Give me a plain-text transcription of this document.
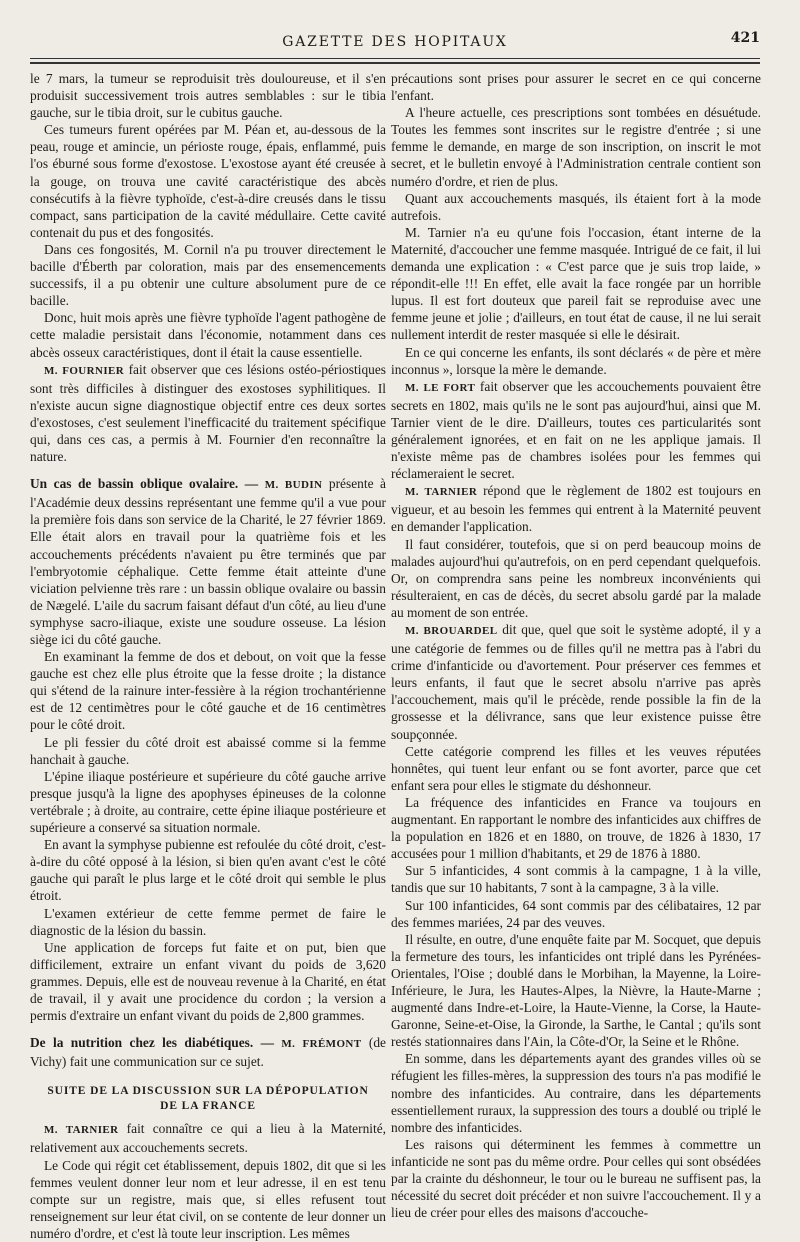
GAZETTE DES HOPITAUX	421

le 7 mars, la tumeur se reproduisit très douloureuse, et il s'en produisit successivement trois autres semblables : sur le tibia gauche, sur le tibia droit, sur le cubitus gauche.

Ces tumeurs furent opérées par M. Péan et, au-dessous de la peau, rouge et amincie, un périoste rouge, épais, enflammé, puis l'os éburné sous forme d'exostose. L'exostose ayant été creusée à la gouge, on trouva une cavité caractéristique des abcès consécutifs à la fièvre typhoïde, c'est-à-dire creusés dans le tissu compact, sans participation de la cavité médullaire. Cette cavité contenait du pus et des fongosités.

Dans ces fongosités, M. Cornil n'a pu trouver directement le bacille d'Éberth par coloration, mais par des ensemencements successifs, il a pu obtenir une culture absolument pure de ce bacille.

Donc, huit mois après une fièvre typhoïde l'agent pathogène de cette maladie persistait dans l'économie, notamment dans ces abcès osseux caractéristiques, dont il était la cause essentielle.

M. FOURNIER fait observer que ces lésions ostéo-périostiques sont très difficiles à distinguer des exostoses syphilitiques. Il n'existe aucun signe diagnostique objectif entre ces deux sortes d'exostoses, c'est seulement l'inefficacité du traitement spécifique qui, dans ces cas, a permis à M. Fournier d'en reconnaître la nature.

Un cas de bassin oblique ovalaire. — M. BUDIN présente à l'Académie deux dessins représentant une femme qu'il a vue pour la première fois dans son service de la Charité, le 27 février 1869. Elle était alors en travail pour la quatrième fois et les accouchements précédents n'avaient pu être terminés que par l'embryotomie céphalique. Cette femme était atteinte d'une viciation pelvienne très rare : un bassin oblique ovalaire ou bassin de Nægelé. L'aile du sacrum faisant défaut d'un côté, au lieu d'une symphyse sacro-iliaque, existe une soudure osseuse. La lésion siège ici du côté gauche.

En examinant la femme de dos et debout, on voit que la fesse gauche est chez elle plus étroite que la fesse droite ; la distance qui s'étend de la rainure inter-fessière à la région trochantérienne est de 12 centimètres pour le côté gauche et de 16 centimètres pour le côté droit.

Le pli fessier du côté droit est abaissé comme si la femme hanchait à gauche.

L'épine iliaque postérieure et supérieure du côté gauche arrive presque jusqu'à la ligne des apophyses épineuses de la colonne vertébrale ; à droite, au contraire, cette épine iliaque postérieure et supérieure a conservé sa situation normale.

En avant la symphyse pubienne est refoulée du côté droit, c'est-à-dire du côté opposé à la lésion, si bien qu'en avant c'est le côté gauche qui paraît le plus large et le côté droit qui semble le plus étroit.

L'examen extérieur de cette femme permet de faire le diagnostic de la lésion du bassin.

Une application de forceps fut faite et on put, bien que difficilement, extraire un enfant vivant du poids de 3,620 grammes. Depuis, elle est de nouveau revenue à la Charité, en état de travail, il y avait une procidence du cordon ; la version a permis d'extraire un enfant vivant du poids de 2,800 grammes.

De la nutrition chez les diabétiques. — M. FRÉMONT (de Vichy) fait une communication sur ce sujet.
SUITE DE LA DISCUSSION SUR LA DÉPOPULATION
DE LA FRANCE

M. TARNIER fait connaître ce qui a lieu à la Maternité, relativement aux accouchements secrets.

Le Code qui régit cet établissement, depuis 1802, dit que si les femmes veulent donner leur nom et leur adresse, il en est tenu compte sur un registre, mais que, si elles refusent tout renseignement sur leur état civil, on se contente de leur donner un numéro d'ordre, et c'est là toute leur inscription. Les mêmes

précautions sont prises pour assurer le secret en ce qui concerne l'enfant.

A l'heure actuelle, ces prescriptions sont tombées en désuétude. Toutes les femmes sont inscrites sur le registre d'entrée ; si une femme le demande, en marge de son inscription, on inscrit le mot secret, et le bulletin envoyé à l'Administration centrale contient son numéro d'ordre, et rien de plus.

Quant aux accouchements masqués, ils étaient fort à la mode autrefois.

M. Tarnier n'a eu qu'une fois l'occasion, étant interne de la Maternité, d'accoucher une femme masquée. Intrigué de ce fait, il lui demanda une explication : « C'est parce que je suis trop laide, » répondit-elle !!! En effet, elle avait la face rongée par un horrible lupus. Il est fort douteux que pareil fait se reproduise avec une femme jeune et jolie ; d'ailleurs, en tout état de cause, il ne lui serait nullement interdit de rester masquée si elle le désirait.

En ce qui concerne les enfants, ils sont déclarés « de père et mère inconnus », lorsque la mère le demande.

M. LE FORT fait observer que les accouchements pouvaient être secrets en 1802, mais qu'ils ne le sont pas aujourd'hui, ainsi que M. Tarnier vient de le dire. D'ailleurs, toutes ces particularités sont généralement ignorées, et en fait on ne les applique jamais. Il n'existe même pas de chambres isolées pour les femmes qui réclameraient le secret.

M. TARNIER répond que le règlement de 1802 est toujours en vigueur, et au besoin les femmes qui entrent à la Maternité peuvent en demander l'application.

Il faut considérer, toutefois, que si on perd beaucoup moins de malades aujourd'hui qu'autrefois, on en perd cependant quelquefois. Or, on comprendra sans peine les nombreux inconvénients qui résulteraient, en cas de décès, du secret absolu gardé par la malade au moment de son entrée.

M. BROUARDEL dit que, quel que soit le système adopté, il y a une catégorie de femmes ou de filles qu'il ne mettra pas à l'abri du crime d'infanticide ou d'avortement. Pour préserver ces femmes et leurs enfants, il faut que le secret absolu n'arrive pas après l'accouchement, mais qu'il le précède, rende possible la fin de la grossesse et la délivrance, sans que leur existence puisse être soupçonnée.

Cette catégorie comprend les filles et les veuves réputées honnêtes, qui tuent leur enfant ou se font avorter, parce que cet enfant sera pour elles le stigmate du déshonneur.

La fréquence des infanticides en France va toujours en augmentant. En rapportant le nombre des infanticides aux chiffres de la population en 1826 et en 1880, on trouve, de 1826 à 1830, 17 accusées pour 1 million d'habitants, et 29 de 1876 à 1880.

Sur 5 infanticides, 4 sont commis à la campagne, 1 à la ville, tandis que sur 10 habitants, 7 sont à la campagne, 3 à la ville.

Sur 100 infanticides, 64 sont commis par des célibataires, 12 par des femmes mariées, 24 par des veuves.

Il résulte, en outre, d'une enquête faite par M. Socquet, que depuis la fermeture des tours, les infanticides ont triplé dans les Pyrénées-Orientales, l'Oise ; doublé dans le Morbihan, la Mayenne, la Loire-Inférieure, le Jura, les Hautes-Alpes, la Nièvre, la Haute-Marne ; augmenté dans Indre-et-Loire, la Haute-Vienne, la Corse, la Haute-Garonne, Seine-et-Oise, la Gironde, la Sarthe, le Cantal ; qu'ils sont restés stationnaires dans l'Ain, la Côte-d'Or, la Seine et le Rhône.

En somme, dans les départements ayant des grandes villes où se réfugient les filles-mères, la suppression des tours n'a pas modifié le nombre des infanticides. Au contraire, dans les départements essentiellement ruraux, la suppression des tours a doublé ou triplé le nombre des infanticides.

Les raisons qui déterminent les femmes à commettre un infanticide ne sont pas du même ordre. Pour celles qui sont obsédées par la crainte du déshonneur, le tour ou le bureau ne suffisent pas, la nécessité du secret doit précéder et non suivre l'accouchement. Il y a lieu de créer pour elles des maisons d'accouche-
